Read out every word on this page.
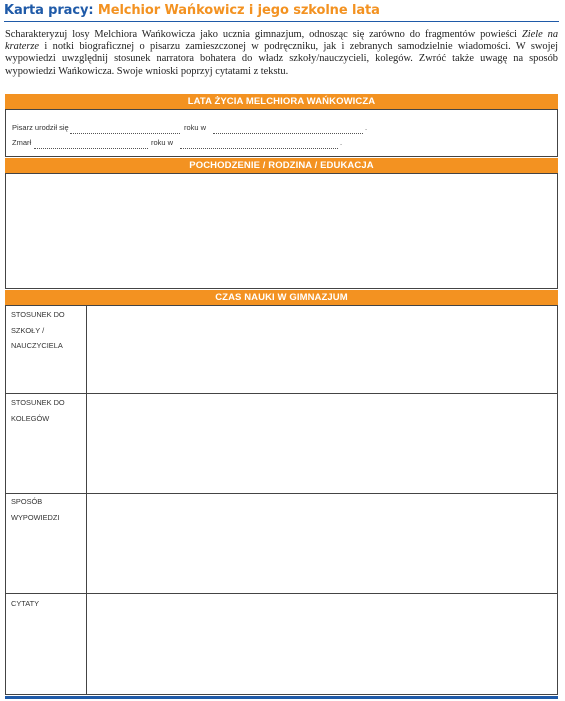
Karta pracy: Melchior Wańkowicz i jego szkolne lata
Scharakteryzuj losy Melchiora Wańkowicza jako ucznia gimnazjum, odnosząc się zarówno do fragmentów powieści Ziele na kraterze i notki biograficznej o pisarzu zamieszczonej w podręczniku, jak i zebranych samodzielnie wiadomości. W swojej wypowiedzi uwzględnij stosunek narratora bohatera do władz szkoły/nauczycieli, kolegów. Zwróć także uwagę na sposób wypowiedzi Wańkowicza. Swoje wnioski poprzyj cytatami z tekstu.
LATA ŻYCIA MELCHIORA WAŃKOWICZA
Pisarz urodził się	roku w	.
Zmarł	roku w	.
POCHODZENIE / RODZINA / EDUKACJA
CZAS NAUKI W GIMNAZJUM
STOSUNEK DO SZKOŁY / NAUCZYCIELA
STOSUNEK DO KOLEGÓW
SPOSÓB WYPOWIEDZI
CYTATY
